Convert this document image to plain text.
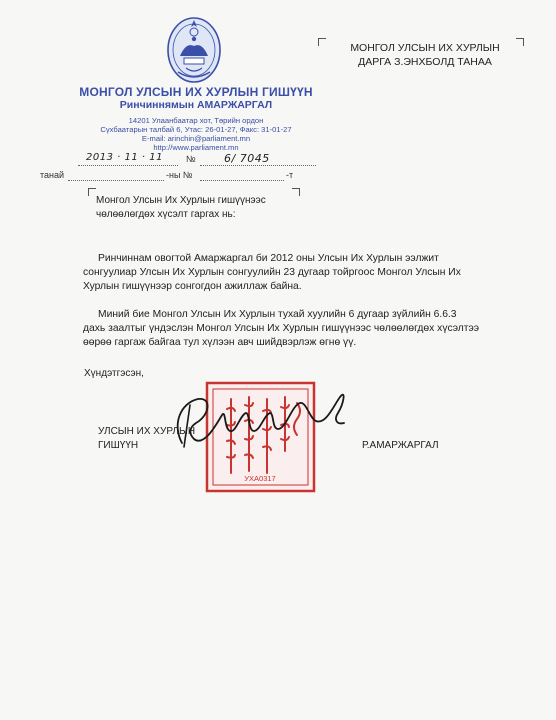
МОНГОЛ УЛСЫН ИХ ХУРЛЫН ГИШҮҮН
Ринчиннямын АМАРЖАРГАЛ
14201 Улаанбаатар хот, Төрийн ордон
Сүхбаатарын талбай 6, Утас: 26-01-27, Факс: 31-01-27
E-mail: arinchin@parliament.mn
http://www.parliament.mn
2013 · 11 · 11	№	6/ 7045
танай	-ны №	-т
МОНГОЛ УЛСЫН ИХ ХУРЛЫН
ДАРГА З.ЭНХБОЛД ТАНАА
Монгол Улсын Их Хурлын гишүүнээс
чөлөөлөгдөх хүсэлт гаргах нь:
Ринчиннам овогтой Амаржаргал би 2012 оны Улсын Их Хурлын ээлжит
сонгуулиар Улсын Их Хурлын сонгуулийн 23 дугаар тойргоос Монгол Улсын Их
Хурлын гишүүнээр сонгогдон ажиллаж байна.
Миний бие Монгол Улсын Их Хурлын тухай хуулийн 6 дугаар зүйлийн 6.6.3
дахь заалтыг үндэслэн Монгол Улсын Их Хурлын гишүүнээс чөлөөлөгдөх хүсэлтээ
өөрөө гаргаж байгаа тул хүлээн авч шийдвэрлэж өгнө үү.
Хүндэтгэсэн,
УЛСЫН ИХ ХУРЛЫН
ГИШҮҮН	Р.АМАРЖАРГАЛ
УХА0317
